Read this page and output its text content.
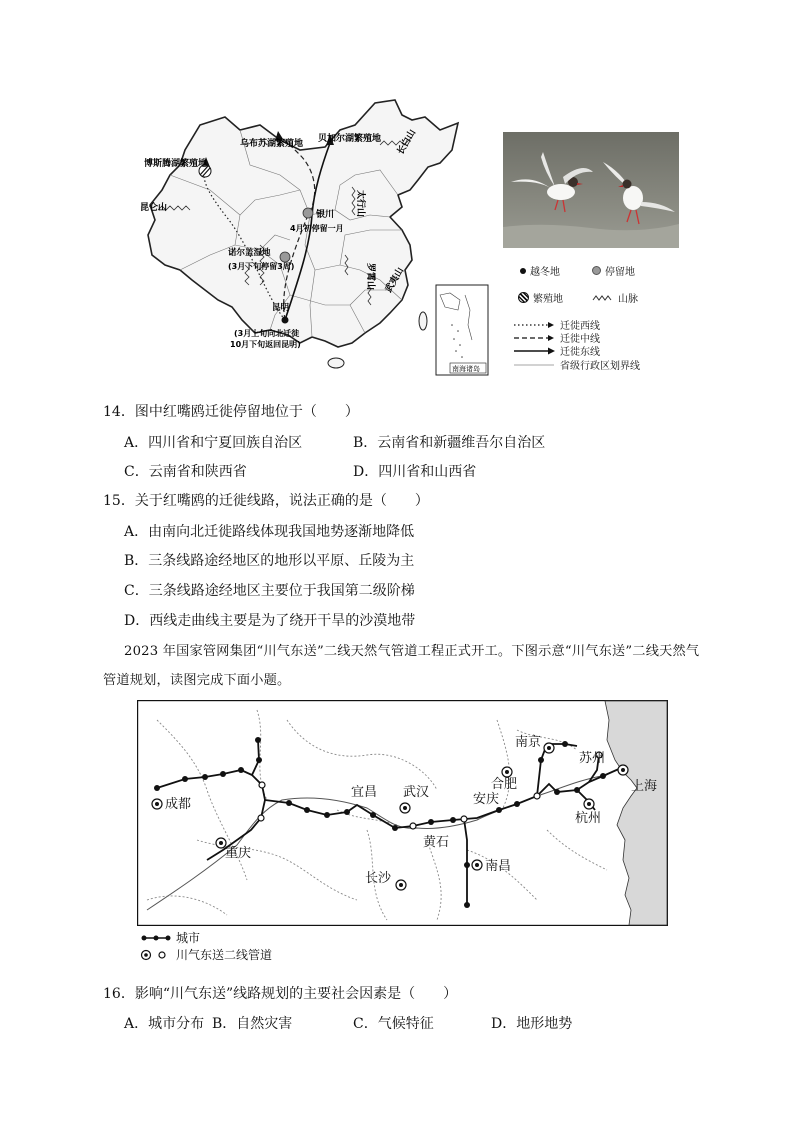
乌布苏湖繁殖地 贝加尔湖繁殖地
博斯腾湖繁殖地
昆仑山
长白山
太行山
银川
4月初停留一月
诺尔盖湿地
(3月下旬停留3周)	罗霄山 武夷山
昆明
(3月上旬向北迁徙
10月下旬返回昆明)
南海诸岛
越冬地	停留地
繁殖地	山脉
迁徙西线
迁徙中线
迁徙东线
省级行政区划界线
14．图中红嘴鸥迁徙停留地位于（　　）
A．四川省和宁夏回族自治区	B．云南省和新疆维吾尔自治区
C．云南省和陕西省	D．四川省和山西省
15．关于红嘴鸥的迁徙线路，说法正确的是（　　）
A．由南向北迁徙路线体现我国地势逐渐地降低
B．三条线路途经地区的地形以平原、丘陵为主
C．三条线路途经地区主要位于我国第二级阶梯
D．西线走曲线主要是为了绕开干旱的沙漠地带
2023 年国家管网集团“川气东送”二线天然气管道工程正式开工。下图示意“川气东送”二线天然气
管道规划，读图完成下面小题。
成都
重庆
宜昌 武汉
黄石
安庆
合肥
南京
苏州
上海
杭州
南昌
长沙
城市
川气东送二线管道
16．影响“川气东送”线路规划的主要社会因素是（　　）
A．城市分布 B．自然灾害	C．气候特征	D．地形地势
